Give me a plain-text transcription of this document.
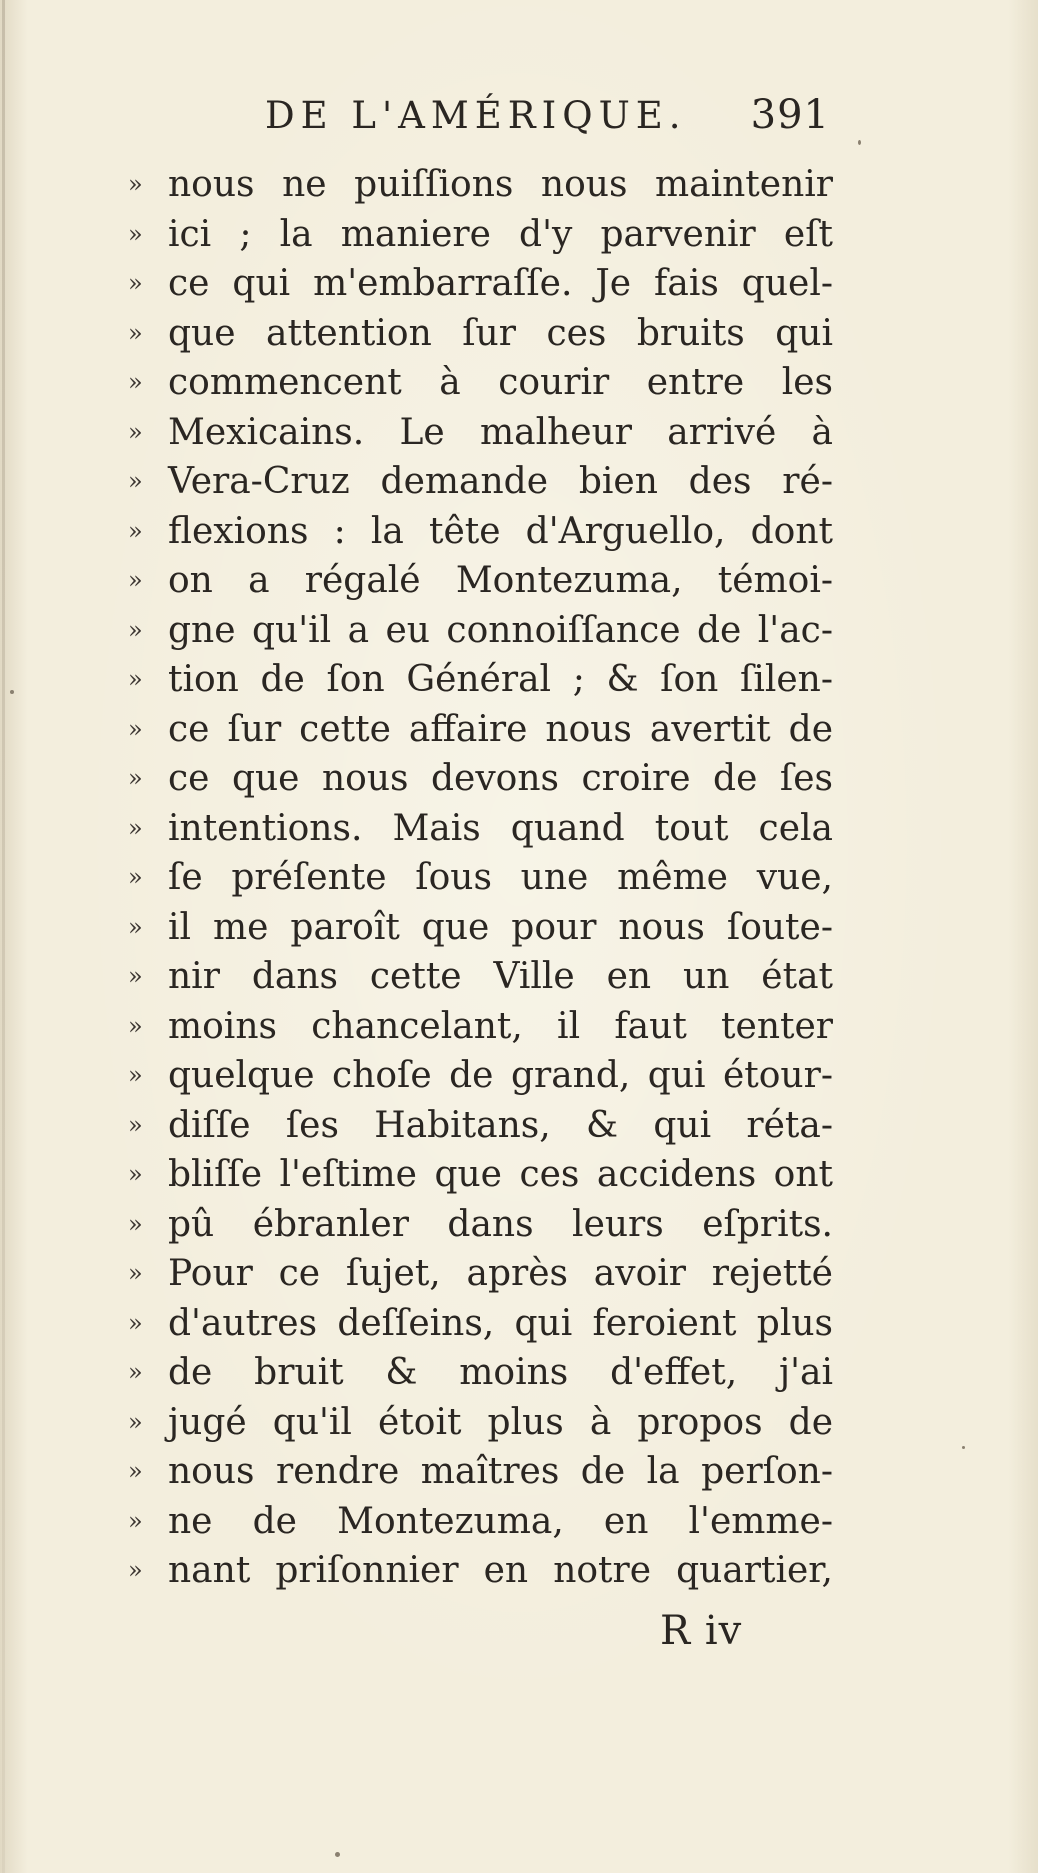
DE L'AMÉRIQUE. 391
» nous ne puiſſions nous maintenir
» ici ; la maniere d'y parvenir eſt
» ce qui m'embarraſſe. Je fais quel-
» que attention ſur ces bruits qui
» commencent à courir entre les
» Mexicains. Le malheur arrivé à
» Vera-Cruz demande bien des ré-
» flexions : la tête d'Arguello, dont
» on a régalé Montezuma, témoi-
» gne qu'il a eu connoiſſance de l'ac-
» tion de ſon Général ; & ſon ſilen-
» ce ſur cette affaire nous avertit de
» ce que nous devons croire de ſes
» intentions. Mais quand tout cela
» ſe préſente ſous une même vue,
» il me paroît que pour nous ſoute-
» nir dans cette Ville en un état
» moins chancelant, il faut tenter
» quelque choſe de grand, qui étour-
» diſſe ſes Habitans, & qui réta-
» bliſſe l'eſtime que ces accidens ont
» pû ébranler dans leurs eſprits.
» Pour ce ſujet, après avoir rejetté
» d'autres deſſeins, qui feroient plus
» de bruit & moins d'effet, j'ai
» jugé qu'il étoit plus à propos de
» nous rendre maîtres de la perſon-
» ne de Montezuma, en l'emme-
» nant priſonnier en notre quartier,
R iv
